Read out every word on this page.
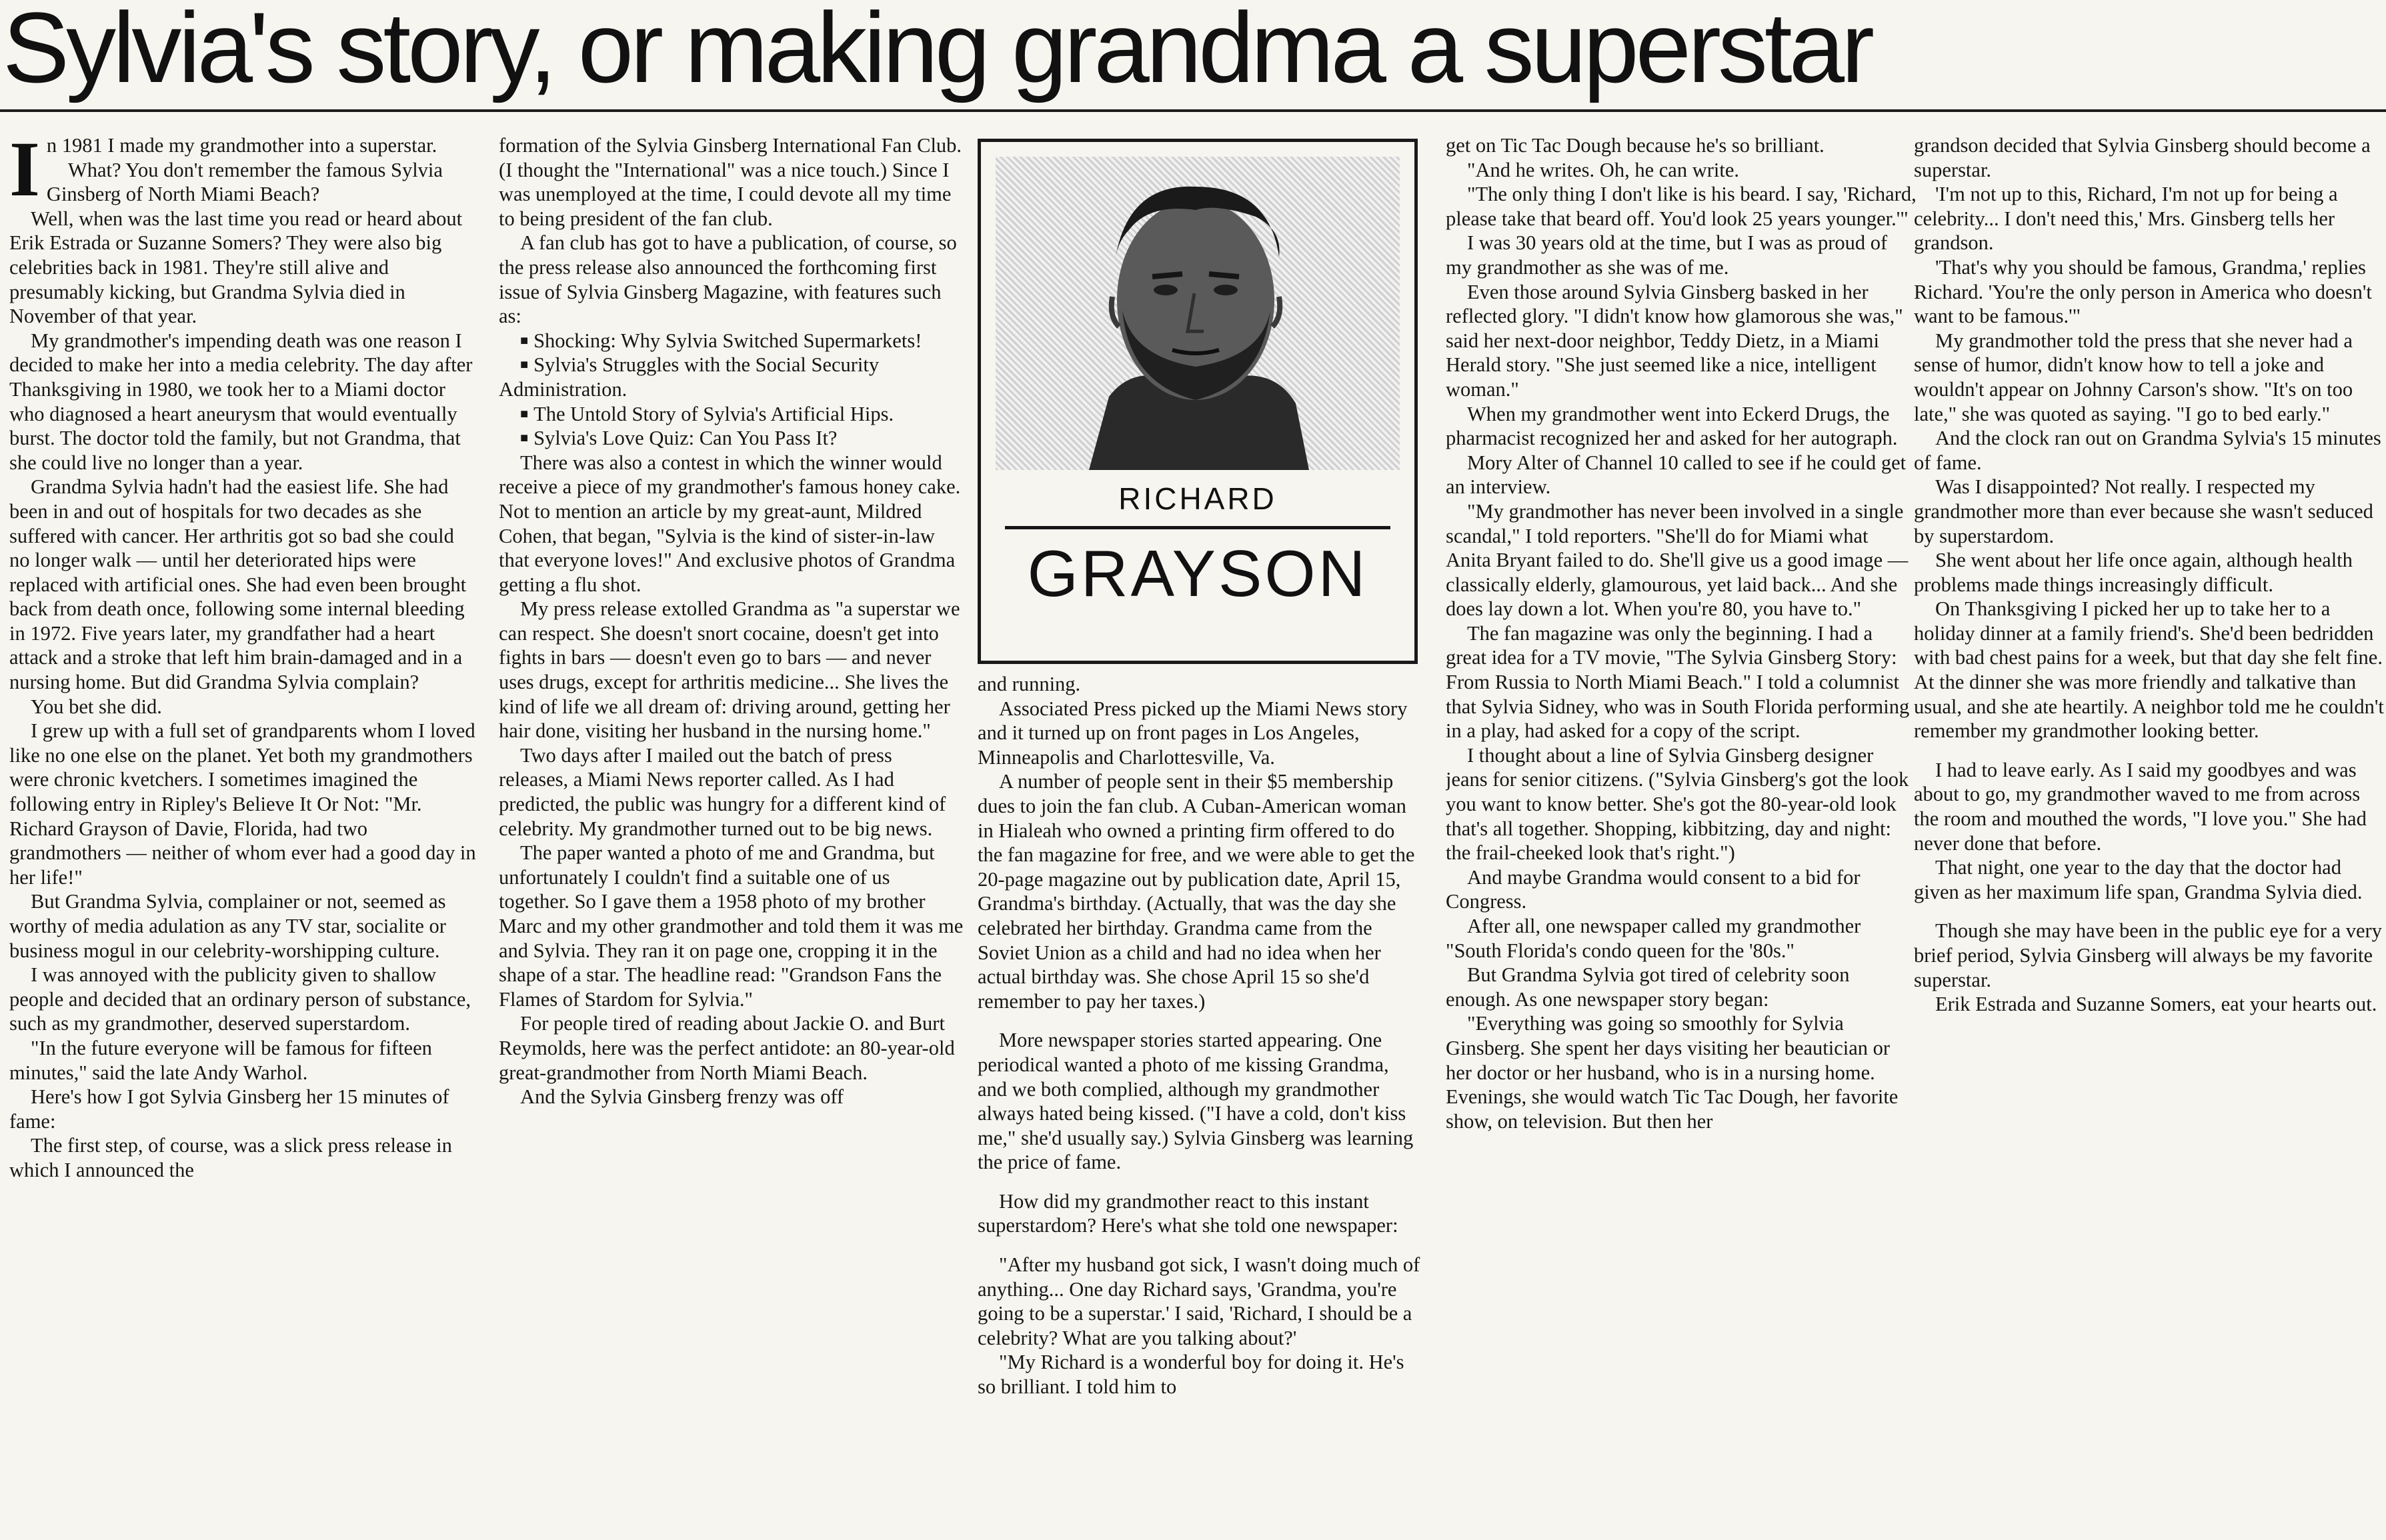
Sylvia's story, or making grandma a superstar

In 1981 I made my grandmother into a superstar.

What? You don't remember the famous Sylvia Ginsberg of North Miami Beach?

Well, when was the last time you read or heard about Erik Estrada or Suzanne Somers? They were also big celebrities back in 1981. They're still alive and presumably kicking, but Grandma Sylvia died in November of that year.

My grandmother's impending death was one reason I decided to make her into a media celebrity. The day after Thanksgiving in 1980, we took her to a Miami doctor who diagnosed a heart aneurysm that would eventually burst. The doctor told the family, but not Grandma, that she could live no longer than a year.

Grandma Sylvia hadn't had the easiest life. She had been in and out of hospitals for two decades as she suffered with cancer. Her arthritis got so bad she could no longer walk — until her deteriorated hips were replaced with artificial ones. She had even been brought back from death once, following some internal bleeding in 1972. Five years later, my grandfather had a heart attack and a stroke that left him brain-damaged and in a nursing home. But did Grandma Sylvia complain?

You bet she did.

I grew up with a full set of grandparents whom I loved like no one else on the planet. Yet both my grandmothers were chronic kvetchers. I sometimes imagined the following entry in Ripley's Believe It Or Not: "Mr. Richard Grayson of Davie, Florida, had two grandmothers — neither of whom ever had a good day in her life!"

But Grandma Sylvia, complainer or not, seemed as worthy of media adulation as any TV star, socialite or business mogul in our celebrity-worshipping culture.

I was annoyed with the publicity given to shallow people and decided that an ordinary person of substance, such as my grandmother, deserved superstardom.

"In the future everyone will be famous for fifteen minutes," said the late Andy Warhol.

Here's how I got Sylvia Ginsberg her 15 minutes of fame:

The first step, of course, was a slick press release in which I announced the

formation of the Sylvia Ginsberg International Fan Club. (I thought the "International" was a nice touch.) Since I was unemployed at the time, I could devote all my time to being president of the fan club.

A fan club has got to have a publication, of course, so the press release also announced the forthcoming first issue of Sylvia Ginsberg Magazine, with features such as:

■ Shocking: Why Sylvia Switched Supermarkets!

■ Sylvia's Struggles with the Social Security Administration.

■ The Untold Story of Sylvia's Artificial Hips.

■ Sylvia's Love Quiz: Can You Pass It?

There was also a contest in which the winner would receive a piece of my grandmother's famous honey cake. Not to mention an article by my great-aunt, Mildred Cohen, that began, "Sylvia is the kind of sister-in-law that everyone loves!" And exclusive photos of Grandma getting a flu shot.

My press release extolled Grandma as "a superstar we can respect. She doesn't snort cocaine, doesn't get into fights in bars — doesn't even go to bars — and never uses drugs, except for arthritis medicine... She lives the kind of life we all dream of: driving around, getting her hair done, visiting her husband in the nursing home."

Two days after I mailed out the batch of press releases, a Miami News reporter called. As I had predicted, the public was hungry for a different kind of celebrity. My grandmother turned out to be big news.

The paper wanted a photo of me and Grandma, but unfortunately I couldn't find a suitable one of us together. So I gave them a 1958 photo of my brother Marc and my other grandmother and told them it was me and Sylvia. They ran it on page one, cropping it in the shape of a star. The headline read: "Grandson Fans the Flames of Stardom for Sylvia."

For people tired of reading about Jackie O. and Burt Reymolds, here was the perfect antidote: an 80-year-old great-grandmother from North Miami Beach.

And the Sylvia Ginsberg frenzy was off

RICHARD
GRAYSON

and running.

Associated Press picked up the Miami News story and it turned up on front pages in Los Angeles, Minneapolis and Charlottesville, Va.

A number of people sent in their $5 membership dues to join the fan club. A Cuban-American woman in Hialeah who owned a printing firm offered to do the fan magazine for free, and we were able to get the 20-page magazine out by publication date, April 15, Grandma's birthday. (Actually, that was the day she celebrated her birthday. Grandma came from the Soviet Union as a child and had no idea when her actual birthday was. She chose April 15 so she'd remember to pay her taxes.)

More newspaper stories started appearing. One periodical wanted a photo of me kissing Grandma, and we both complied, although my grandmother always hated being kissed. ("I have a cold, don't kiss me," she'd usually say.) Sylvia Ginsberg was learning the price of fame.

How did my grandmother react to this instant superstardom? Here's what she told one newspaper:

"After my husband got sick, I wasn't doing much of anything... One day Richard says, 'Grandma, you're going to be a superstar.' I said, 'Richard, I should be a celebrity? What are you talking about?'

"My Richard is a wonderful boy for doing it. He's so brilliant. I told him to

get on Tic Tac Dough because he's so brilliant.

"And he writes. Oh, he can write.

"The only thing I don't like is his beard. I say, 'Richard, please take that beard off. You'd look 25 years younger.'"

I was 30 years old at the time, but I was as proud of my grandmother as she was of me.

Even those around Sylvia Ginsberg basked in her reflected glory. "I didn't know how glamorous she was," said her next-door neighbor, Teddy Dietz, in a Miami Herald story. "She just seemed like a nice, intelligent woman."

When my grandmother went into Eckerd Drugs, the pharmacist recognized her and asked for her autograph.

Mory Alter of Channel 10 called to see if he could get an interview.

"My grandmother has never been involved in a single scandal," I told reporters. "She'll do for Miami what Anita Bryant failed to do. She'll give us a good image — classically elderly, glamourous, yet laid back... And she does lay down a lot. When you're 80, you have to."

The fan magazine was only the beginning. I had a great idea for a TV movie, "The Sylvia Ginsberg Story: From Russia to North Miami Beach." I told a columnist that Sylvia Sidney, who was in South Florida performing in a play, had asked for a copy of the script.

I thought about a line of Sylvia Ginsberg designer jeans for senior citizens. ("Sylvia Ginsberg's got the look you want to know better. She's got the 80-year-old look that's all together. Shopping, kibbitzing, day and night: the frail-cheeked look that's right.")

And maybe Grandma would consent to a bid for Congress.

After all, one newspaper called my grandmother "South Florida's condo queen for the '80s."

But Grandma Sylvia got tired of celebrity soon enough. As one newspaper story began:

"Everything was going so smoothly for Sylvia Ginsberg. She spent her days visiting her beautician or her doctor or her husband, who is in a nursing home. Evenings, she would watch Tic Tac Dough, her favorite show, on television. But then her

grandson decided that Sylvia Ginsberg should become a superstar.

'I'm not up to this, Richard, I'm not up for being a celebrity... I don't need this,' Mrs. Ginsberg tells her grandson.

'That's why you should be famous, Grandma,' replies Richard. 'You're the only person in America who doesn't want to be famous.'"

My grandmother told the press that she never had a sense of humor, didn't know how to tell a joke and wouldn't appear on Johnny Carson's show. "It's on too late," she was quoted as saying. "I go to bed early."

And the clock ran out on Grandma Sylvia's 15 minutes of fame.

Was I disappointed? Not really. I respected my grandmother more than ever because she wasn't seduced by superstardom.

She went about her life once again, although health problems made things increasingly difficult.

On Thanksgiving I picked her up to take her to a holiday dinner at a family friend's. She'd been bedridden with bad chest pains for a week, but that day she felt fine. At the dinner she was more friendly and talkative than usual, and she ate heartily. A neighbor told me he couldn't remember my grandmother looking better.

I had to leave early. As I said my goodbyes and was about to go, my grandmother waved to me from across the room and mouthed the words, "I love you." She had never done that before.

That night, one year to the day that the doctor had given as her maximum life span, Grandma Sylvia died.

Though she may have been in the public eye for a very brief period, Sylvia Ginsberg will always be my favorite superstar.

Erik Estrada and Suzanne Somers, eat your hearts out.
